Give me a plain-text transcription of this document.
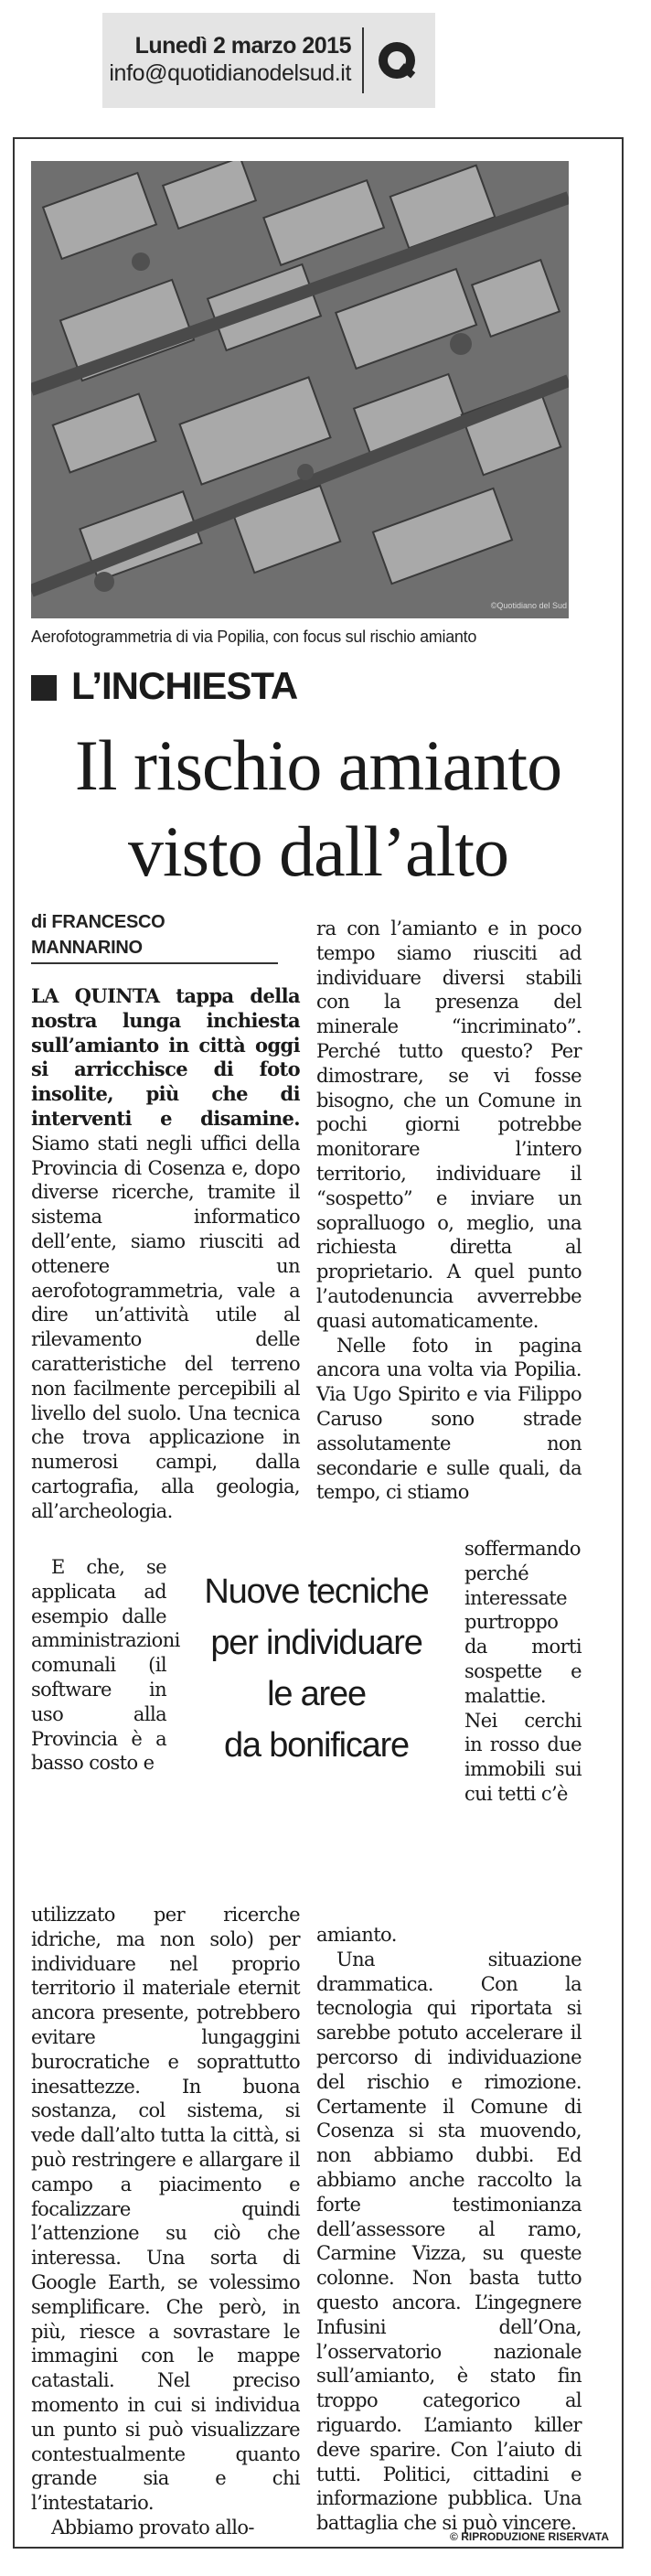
Lunedì 2 marzo 2015
info@quotidianodelsud.it
©Quotidiano del Sud
Aerofotogrammetria di via Popilia, con focus sul rischio amianto
L’INCHIESTA
Il rischio amianto
visto dall’alto
di FRANCESCO
MANNARINO

LA QUINTA tappa della nostra lunga inchiesta sull’amianto in città oggi si arricchisce di foto insolite, più che di interventi e disamine. Siamo stati negli uffici della Provincia di Cosenza e, dopo diverse ricerche, tramite il sistema informatico dell’ente, siamo riusciti ad ottenere un aerofotogrammetria, vale a dire un’attività utile al rilevamento delle caratteristiche del terreno non facilmente percepibili al livello del suolo. Una tecnica che trova applicazione in numerosi campi, dalla cartografia, alla geologia, all’archeologia.

E che, se applicata ad esempio dalle amministrazioni comunali (il software in uso alla Provincia è a basso costo e

utilizzato per ricerche idriche, ma non solo) per individuare nel proprio territorio il materiale eternit ancora presente, potrebbero evitare lungaggini burocratiche e soprattutto inesattezze. In buona sostanza, col sistema, si vede dall’alto tutta la città, si può restringere e allargare il campo a piacimento e focalizzare quindi l’attenzione su ciò che interessa. Una sorta di Google Earth, se volessimo semplificare. Che però, in più, riesce a sovrastare le immagini con le mappe catastali. Nel preciso momento in cui si individua un punto si può visualizzare contestualmente quanto grande sia e chi l’intestatario.

Abbiamo provato allo-

ra con l’amianto e in poco tempo siamo riusciti ad individuare diversi stabili con la presenza del minerale “incriminato”. Perché tutto questo? Per dimostrare, se vi fosse bisogno, che un Comune in pochi giorni potrebbe monitorare l’intero territorio, individuare il “sospetto” e inviare un sopralluogo o, meglio, una richiesta diretta al proprietario. A quel punto l’autodenuncia avverrebbe quasi automaticamente.

Nelle foto in pagina ancora una volta via Popilia. Via Ugo Spirito e via Filippo Caruso sono strade assolutamente non secondarie e sulle quali, da tempo, ci stiamo

soffermando perché interessate purtroppo da morti sospette e malattie. Nei cerchi in rosso due immobili sui cui tetti c’è

amianto.

Una situazione drammatica. Con la tecnologia qui riportata si sarebbe potuto accelerare il percorso di individuazione del rischio e rimozione. Certamente il Comune di Cosenza si sta muovendo, non abbiamo dubbi. Ed abbiamo anche raccolto la forte testimonianza dell’assessore al ramo, Carmine Vizza, su queste colonne. Non basta tutto questo ancora. L’ingegnere Infusini dell’Ona, l’osservatorio nazionale sull’amianto, è stato fin troppo categorico al riguardo. L’amianto killer deve sparire. Con l’aiuto di tutti. Politici, cittadini e informazione pubblica. Una battaglia che si può vincere.

Nuove tecniche
per individuare
le aree
da bonificare
© RIPRODUZIONE RISERVATA
